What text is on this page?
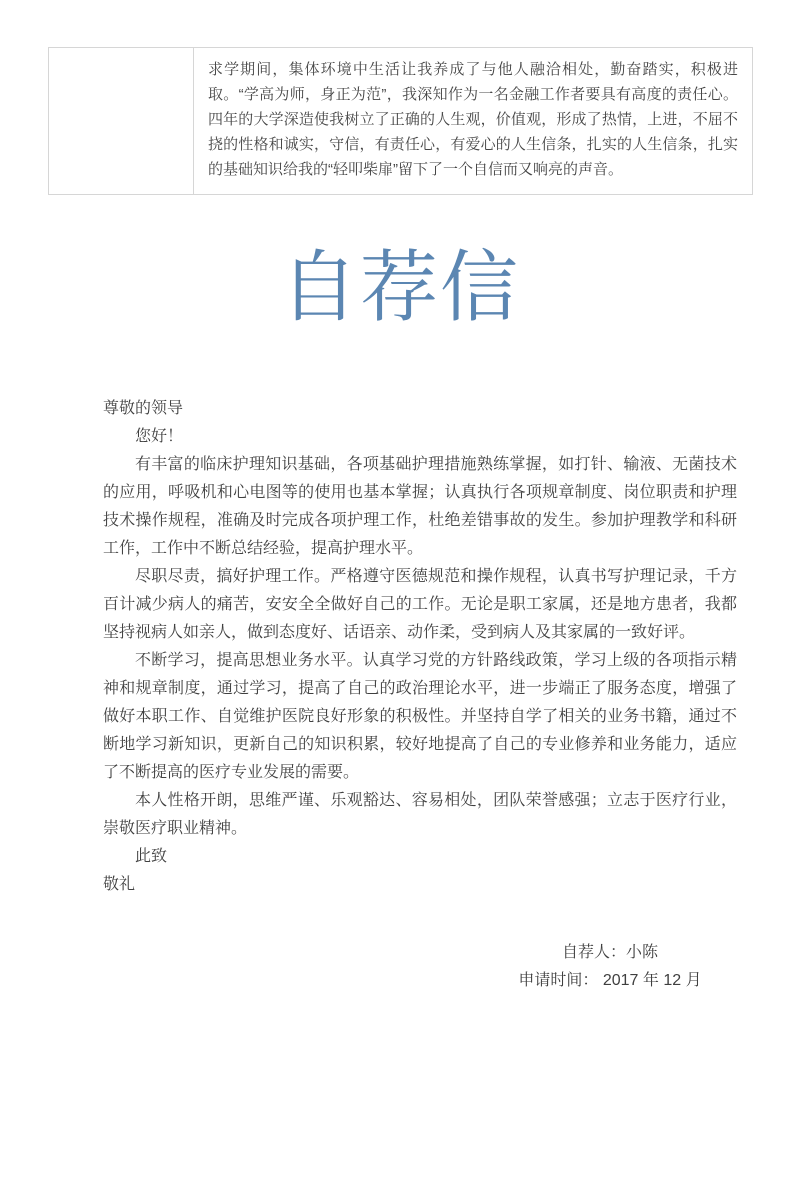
	求学期间，集体环境中生活让我养成了与他人融洽相处，勤奋踏实，积极进取。“学高为师，身正为范”，我深知作为一名金融工作者要具有高度的责任心。四年的大学深造使我树立了正确的人生观，价值观，形成了热情，上进，不屈不挠的性格和诚实，守信，有责任心，有爱心的人生信条，扎实的人生信条，扎实的基础知识给我的“轻叩柴扉”留下了一个自信而又响亮的声音。
自荐信

尊敬的领导

您好！

有丰富的临床护理知识基础，各项基础护理措施熟练掌握，如打针、输液、无菌技术的应用，呼吸机和心电图等的使用也基本掌握；认真执行各项规章制度、岗位职责和护理技术操作规程，准确及时完成各项护理工作，杜绝差错事故的发生。参加护理教学和科研工作，工作中不断总结经验，提高护理水平。

尽职尽责，搞好护理工作。严格遵守医德规范和操作规程，认真书写护理记录，千方百计减少病人的痛苦，安安全全做好自己的工作。无论是职工家属，还是地方患者，我都坚持视病人如亲人，做到态度好、话语亲、动作柔，受到病人及其家属的一致好评。

不断学习，提高思想业务水平。认真学习党的方针路线政策，学习上级的各项指示精神和规章制度，通过学习，提高了自己的政治理论水平，进一步端正了服务态度，增强了做好本职工作、自觉维护医院良好形象的积极性。并坚持自学了相关的业务书籍，通过不断地学习新知识，更新自己的知识积累，较好地提高了自己的专业修养和业务能力，适应了不断提高的医疗专业发展的需要。

本人性格开朗，思维严谨、乐观豁达、容易相处，团队荣誉感强；立志于医疗行业，崇敬医疗职业精神。

此致

敬礼

自荐人：小陈

申请时间： 2017 年 12 月
